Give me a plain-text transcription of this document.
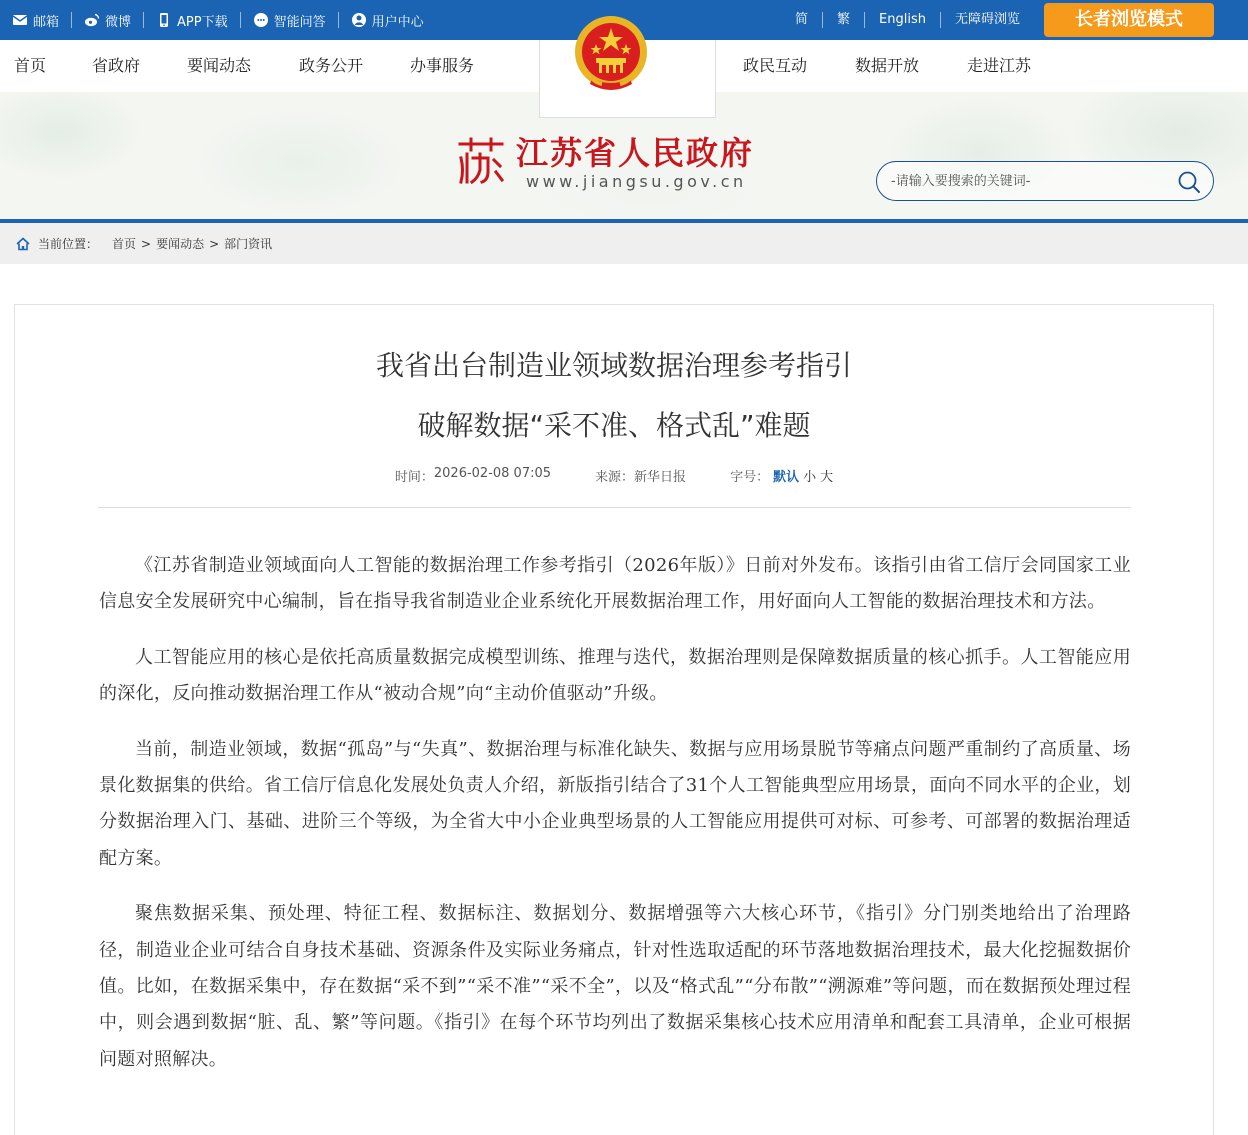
邮箱	微博	APP下载	智能问答	用户中心	简	繁	English	无障碍浏览	长者浏览模式
首页	省政府	要闻动态	政务公开	办事服务	政民互动	数据开放	走进江苏
江苏省人民政府
www.jiangsu.gov.cn
-请输入要搜索的关键词-
当前位置： 首页 > 要闻动态 > 部门资讯
我省出台制造业领域数据治理参考指引
破解数据“采不准、格式乱”难题
时间： 2026-02-08 07:05	来源： 新华日报	字号： 默认 小 大

《江苏省制造业领域面向人工智能的数据治理工作参考指引（2026年版）》日前对外发布。该指引由省工信厅会同国家工业信息安全发展研究中心编制，旨在指导我省制造业企业系统化开展数据治理工作，用好面向人工智能的数据治理技术和方法。

人工智能应用的核心是依托高质量数据完成模型训练、推理与迭代，数据治理则是保障数据质量的核心抓手。人工智能应用的深化，反向推动数据治理工作从“被动合规”向“主动价值驱动”升级。

当前，制造业领域，数据“孤岛”与“失真”、数据治理与标准化缺失、数据与应用场景脱节等痛点问题严重制约了高质量、场景化数据集的供给。省工信厅信息化发展处负责人介绍，新版指引结合了31个人工智能典型应用场景，面向不同水平的企业，划分数据治理入门、基础、进阶三个等级，为全省大中小企业典型场景的人工智能应用提供可对标、可参考、可部署的数据治理适配方案。

聚焦数据采集、预处理、特征工程、数据标注、数据划分、数据增强等六大核心环节，《指引》分门别类地给出了治理路径，制造业企业可结合自身技术基础、资源条件及实际业务痛点，针对性选取适配的环节落地数据治理技术，最大化挖掘数据价值。比如，在数据采集中，存在数据“采不到”“采不准”“采不全”，以及“格式乱”“分布散”“溯源难”等问题，而在数据预处理过程中，则会遇到数据“脏、乱、繁”等问题。《指引》在每个环节均列出了数据采集核心技术应用清单和配套工具清单，企业可根据问题对照解决。
